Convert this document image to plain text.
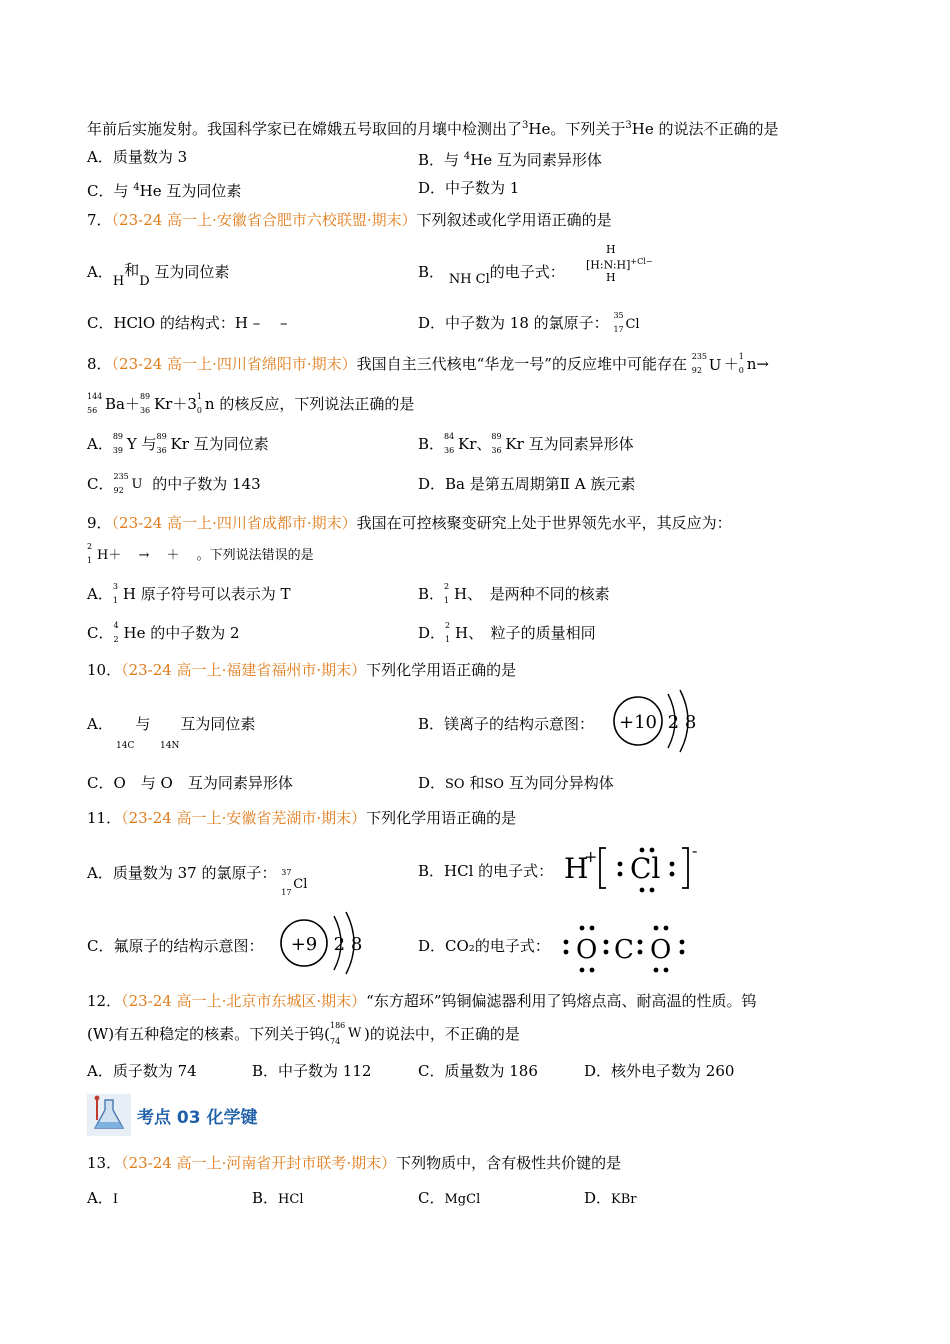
年前后实施发射。我国科学家已在嫦娥五号取回的月壤中检测出了$^3$He。下列关于$^3$He 的说法不正确的是
A．质量数为 3	B．与 $^4$He 互为同素异形体
C．与 $^4$He 互为同位素	D．中子数为 1
7．（23-24 高一上·安徽省合肥市六校联盟·期末）下列叙述或化学用语正确的是
A．H和D 互为同位素	B． NH Cl的电子式：
H
[H:N:H]$^{+Cl-}$
H
C．HClO 的结构式：H –　 –	D．中子数为 18 的氯原子： 35
17 Cl
8．（23-24 高一上·四川省绵阳市·期末）我国自主三代核电“华龙一号”的反应堆中可能存在 235
92 U ＋ 1
0 n→
144
56 Ba＋ 89
36 Kr＋3 1
0 n 的核反应，下列说法正确的是
A． 89
39 Y 与 89
36 Kr 互为同位素	B． 84
36 Kr、 89
36 Kr 互为同素异形体
C． 235
92 U 的中子数为 143	D．Ba 是第五周期第Ⅱ A 族元素
9．（23-24 高一上·四川省成都市·期末）我国在可控核聚变研究上处于世界领先水平，其反应为：
2
1 H＋　 →　 ＋　 。下列说法错误的是
A． 3
1 H 原子符号可以表示为 T	B． 2
1 H、　是两种不同的核素
C． 4
2 He 的中子数为 2	D． 2
1 H、　粒子的质量相同
10．（23-24 高一上·福建省福州市·期末）下列化学用语正确的是
A．　　与　　互为同位素
14C	14N
B．镁离子的结构示意图： +10 2 8
C．O　与 O　互为同素异形体	D．SO 和SO 互为同分异构体
11．（23-24 高一上·安徽省芜湖市·期末）下列化学用语正确的是
A．质量数为 37 的氯原子： 37
17
Cl
B．HCl 的电子式： H
+ Cl
-
C．氟原子的结构示意图： +9 2 8	D．CO₂的电子式： O C O
12．（23-24 高一上·北京市东城区·期末）“东方超环”钨铜偏滤器利用了钨熔点高、耐高温的性质。钨
(W)有五种稳定的核素。下列关于钨( 186
74
W )的说法中，不正确的是
A．质子数为 74	B．中子数为 112	C．质量数为 186	D．核外电子数为 260
考点 03 化学键
13．（23-24 高一上·河南省开封市联考·期末）下列物质中，含有极性共价键的是
A．I	B．HCl	C．MgCl	D．KBr
